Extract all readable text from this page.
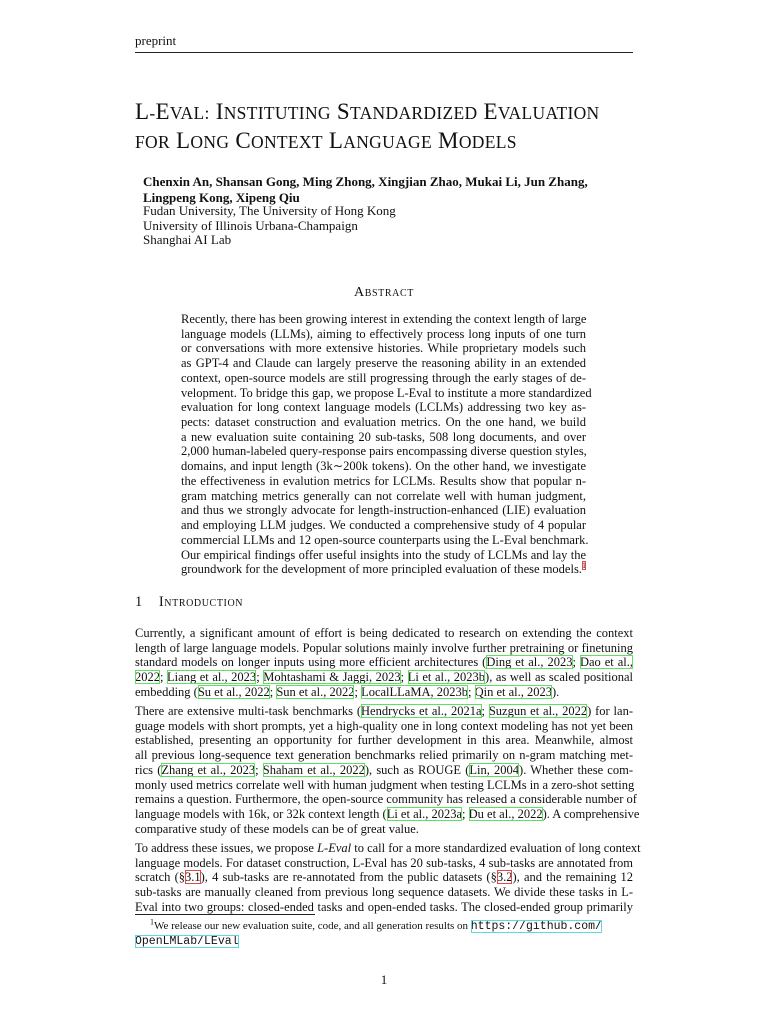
preprint
L-EVAL: INSTITUTING STANDARDIZED EVALUATION
FOR LONG CONTEXT LANGUAGE MODELS
Chenxin An, Shansan Gong, Ming Zhong, Xingjian Zhao, Mukai Li, Jun Zhang,
Lingpeng Kong, Xipeng Qiu
Fudan University, The University of Hong Kong
University of Illinois Urbana-Champaign
Shanghai AI Lab
Abstract
Recently, there has been growing interest in extending the context length of large
language models (LLMs), aiming to effectively process long inputs of one turn
or conversations with more extensive histories. While proprietary models such
as GPT-4 and Claude can largely preserve the reasoning ability in an extended
context, open-source models are still progressing through the early stages of de-
velopment. To bridge this gap, we propose L-Eval to institute a more standardized
evaluation for long context language models (LCLMs) addressing two key as-
pects: dataset construction and evaluation metrics. On the one hand, we build
a new evaluation suite containing 20 sub-tasks, 508 long documents, and over
2,000 human-labeled query-response pairs encompassing diverse question styles,
domains, and input length (3k∼200k tokens). On the other hand, we investigate
the effectiveness in evalution metrics for LCLMs. Results show that popular n-
gram matching metrics generally can not correlate well with human judgment,
and thus we strongly advocate for length-instruction-enhanced (LIE) evaluation
and employing LLM judges. We conducted a comprehensive study of 4 popular
commercial LLMs and 12 open-source counterparts using the L-Eval benchmark.
Our empirical findings offer useful insights into the study of LCLMs and lay the
groundwork for the development of more principled evaluation of these models.$^1$
1 Introduction
Currently, a significant amount of effort is being dedicated to research on extending the context
length of large language models. Popular solutions mainly involve further pretraining or finetuning
standard models on longer inputs using more efficient architectures (Ding et al., 2023; Dao et al.,
2022; Liang et al., 2023; Mohtashami & Jaggi, 2023; Li et al., 2023b), as well as scaled positional
embedding (Su et al., 2022; Sun et al., 2022; LocalLLaMA, 2023b; Qin et al., 2023).
There are extensive multi-task benchmarks (Hendrycks et al., 2021a; Suzgun et al., 2022) for lan-
guage models with short prompts, yet a high-quality one in long context modeling has not yet been
established, presenting an opportunity for further development in this area. Meanwhile, almost
all previous long-sequence text generation benchmarks relied primarily on n-gram matching met-
rics (Zhang et al., 2023; Shaham et al., 2022), such as ROUGE (Lin, 2004). Whether these com-
monly used metrics correlate well with human judgment when testing LCLMs in a zero-shot setting
remains a question. Furthermore, the open-source community has released a considerable number of
language models with 16k, or 32k context length (Li et al., 2023a; Du et al., 2022). A comprehensive
comparative study of these models can be of great value.
To address these issues, we propose L-Eval to call for a more standardized evaluation of long context
language models. For dataset construction, L-Eval has 20 sub-tasks, 4 sub-tasks are annotated from
scratch (§3.1), 4 sub-tasks are re-annotated from the public datasets (§3.2), and the remaining 12
sub-tasks are manually cleaned from previous long sequence datasets. We divide these tasks in L-
Eval into two groups: closed-ended tasks and open-ended tasks. The closed-ended group primarily
$^1$We release our new evaluation suite, code, and all generation results on https://github.com/
OpenLMLab/LEval
1
